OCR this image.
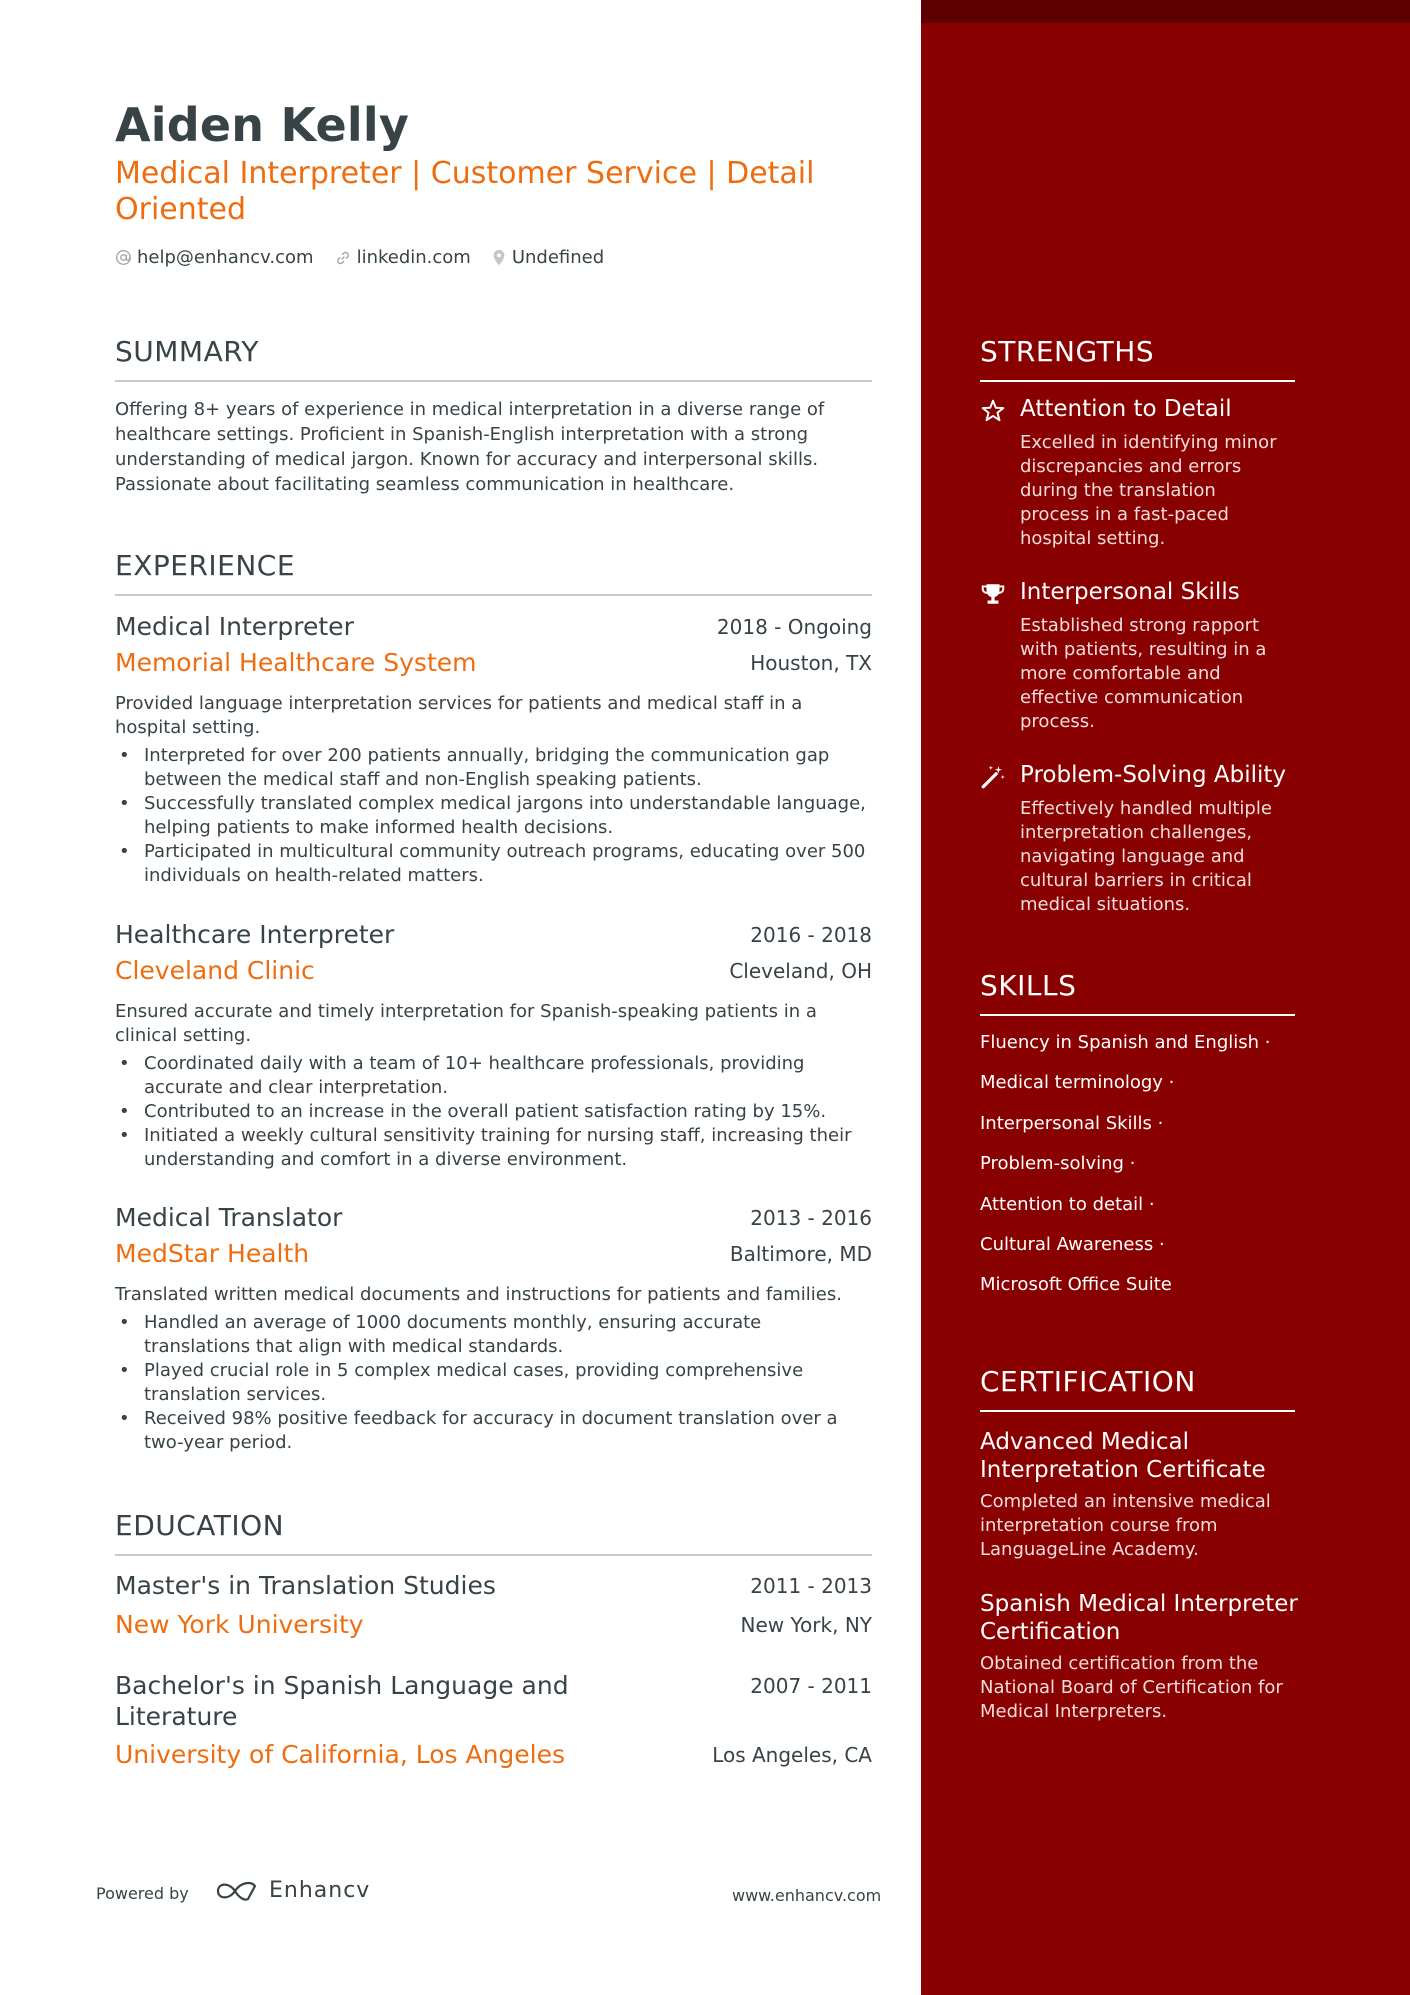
Aiden Kelly
Medical Interpreter | Customer Service | Detail Oriented
help@enhancv.com linkedin.com Undefined
SUMMARY
Offering 8+ years of experience in medical interpretation in a diverse range of healthcare settings. Proficient in Spanish-English interpretation with a strong understanding of medical jargon. Known for accuracy and interpersonal skills. Passionate about facilitating seamless communication in healthcare.
EXPERIENCE
Medical Interpreter	2018 - Ongoing
Memorial Healthcare System	Houston, TX
Provided language interpretation services for patients and medical staff in a hospital setting.
• Interpreted for over 200 patients annually, bridging the communication gap between the medical staff and non-English speaking patients.
• Successfully translated complex medical jargons into understandable language, helping patients to make informed health decisions.
• Participated in multicultural community outreach programs, educating over 500 individuals on health-related matters.
Healthcare Interpreter	2016 - 2018
Cleveland Clinic	Cleveland, OH
Ensured accurate and timely interpretation for Spanish-speaking patients in a clinical setting.
• Coordinated daily with a team of 10+ healthcare professionals, providing accurate and clear interpretation.
• Contributed to an increase in the overall patient satisfaction rating by 15%.
• Initiated a weekly cultural sensitivity training for nursing staff, increasing their understanding and comfort in a diverse environment.
Medical Translator	2013 - 2016
MedStar Health	Baltimore, MD
Translated written medical documents and instructions for patients and families.
• Handled an average of 1000 documents monthly, ensuring accurate translations that align with medical standards.
• Played crucial role in 5 complex medical cases, providing comprehensive translation services.
• Received 98% positive feedback for accuracy in document translation over a two-year period.
EDUCATION
Master's in Translation Studies	2011 - 2013
New York University	New York, NY
Bachelor's in Spanish Language and Literature
2007 - 2011
University of California, Los Angeles	Los Angeles, CA
Powered by	Enhancv	www.enhancv.com
STRENGTHS
Attention to Detail
Excelled in identifying minor discrepancies and errors during the translation process in a fast-paced hospital setting.
Interpersonal Skills
Established strong rapport with patients, resulting in a more comfortable and effective communication process.
Problem-Solving Ability
Effectively handled multiple interpretation challenges, navigating language and cultural barriers in critical medical situations.
SKILLS
Fluency in Spanish and English ·
Medical terminology ·
Interpersonal Skills ·
Problem-solving ·
Attention to detail ·
Cultural Awareness ·
Microsoft Office Suite
CERTIFICATION
Advanced Medical Interpretation Certificate
Completed an intensive medical interpretation course from LanguageLine Academy.
Spanish Medical Interpreter Certification
Obtained certification from the National Board of Certification for Medical Interpreters.
